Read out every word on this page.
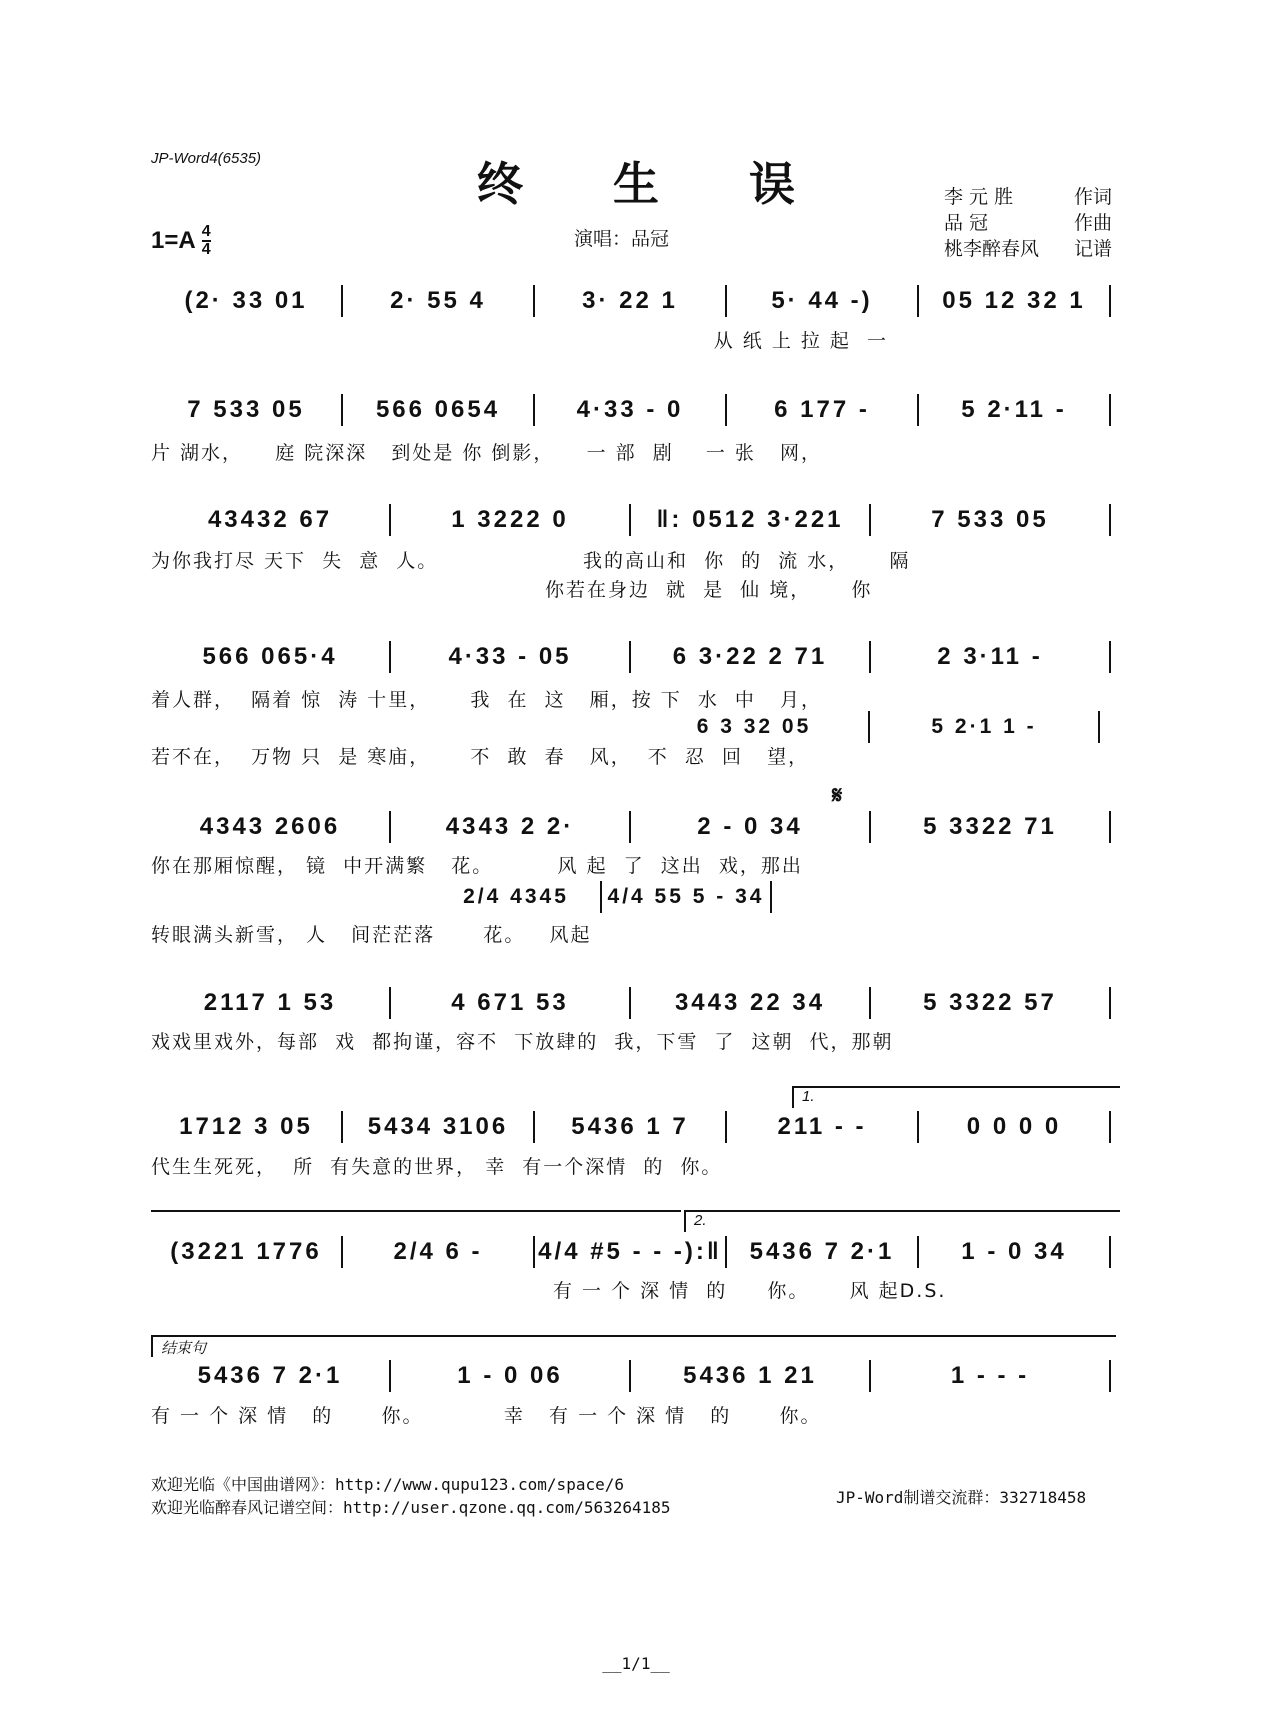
JP-Word4(6535)	终生误
$1=A \frac{4}{4}$	演唱：品冠
李 元 胜	作词
品 冠	作曲
桃李醉春风 记谱
(2· 33 01	2· 55 4	3· 22 1	5· 44 -)	05 12 32 1
从 纸 上 拉 起  一
7 533 05	566 0654	4·33 - 0	6 177 -	5 2·11 -
片 湖水，    庭 院深深   到处是 你 倒影，    一 部  剧    一 张   网，
43432 67	1 3222 0	‖: 0512 3·221	7 533 05
为你我打尽 天下  失  意  人。                  我的高山和  你  的  流 水，     隔
你若在身边  就  是  仙 境，     你
566 065·4	4·33 - 05	6 3·22 2 71	2 3·11 -
着人群，  隔着 惊  涛 十里，     我  在  这   厢，按 下  水  中   月，
若不在，  万物 只  是 寒庙，     不  敢  春   风，  不  忍  回   望，
4343 2606	4343 2 2·	2 - 0 34	5 3322 71
你在那厢惊醒， 镜  中开满繁   花。        风 起  了  这出  戏，那出
转眼满头新雪， 人   间茫茫落      花。   风起
2117 1 53	4 671 53	3443 22 34	5 3322 57
戏戏里戏外，每部  戏  都拘谨，容不  下放肆的  我，下雪  了  这朝  代，那朝
1712 3 05	5434 3106	5436 1 7	211 - -	0 0 0 0
代生生死死，  所  有失意的世界， 幸  有一个深情  的  你。
(3221 1776	2/4 6 -	4/4 #5 - - -):‖	5436 7 2·1	1 - 0 34
有 一 个 深 情  的     你。     风 起D.S.
5436 7 2·1	1 - 0 06	5436 1 21	1 - - -
有 一 个 深 情   的      你。          幸   有 一 个 深 情   的      你。
6 3 32 05	5 2·1 1 -
2/4 4345	4/4 55 5 - 34
1.
2.
结束句
𝄋
欢迎光临《中国曲谱网》：http://www.qupu123.com/space/6
欢迎光临醉春风记谱空间：http://user.qzone.qq.com/563264185
JP-Word制谱交流群：332718458
__1/1__
